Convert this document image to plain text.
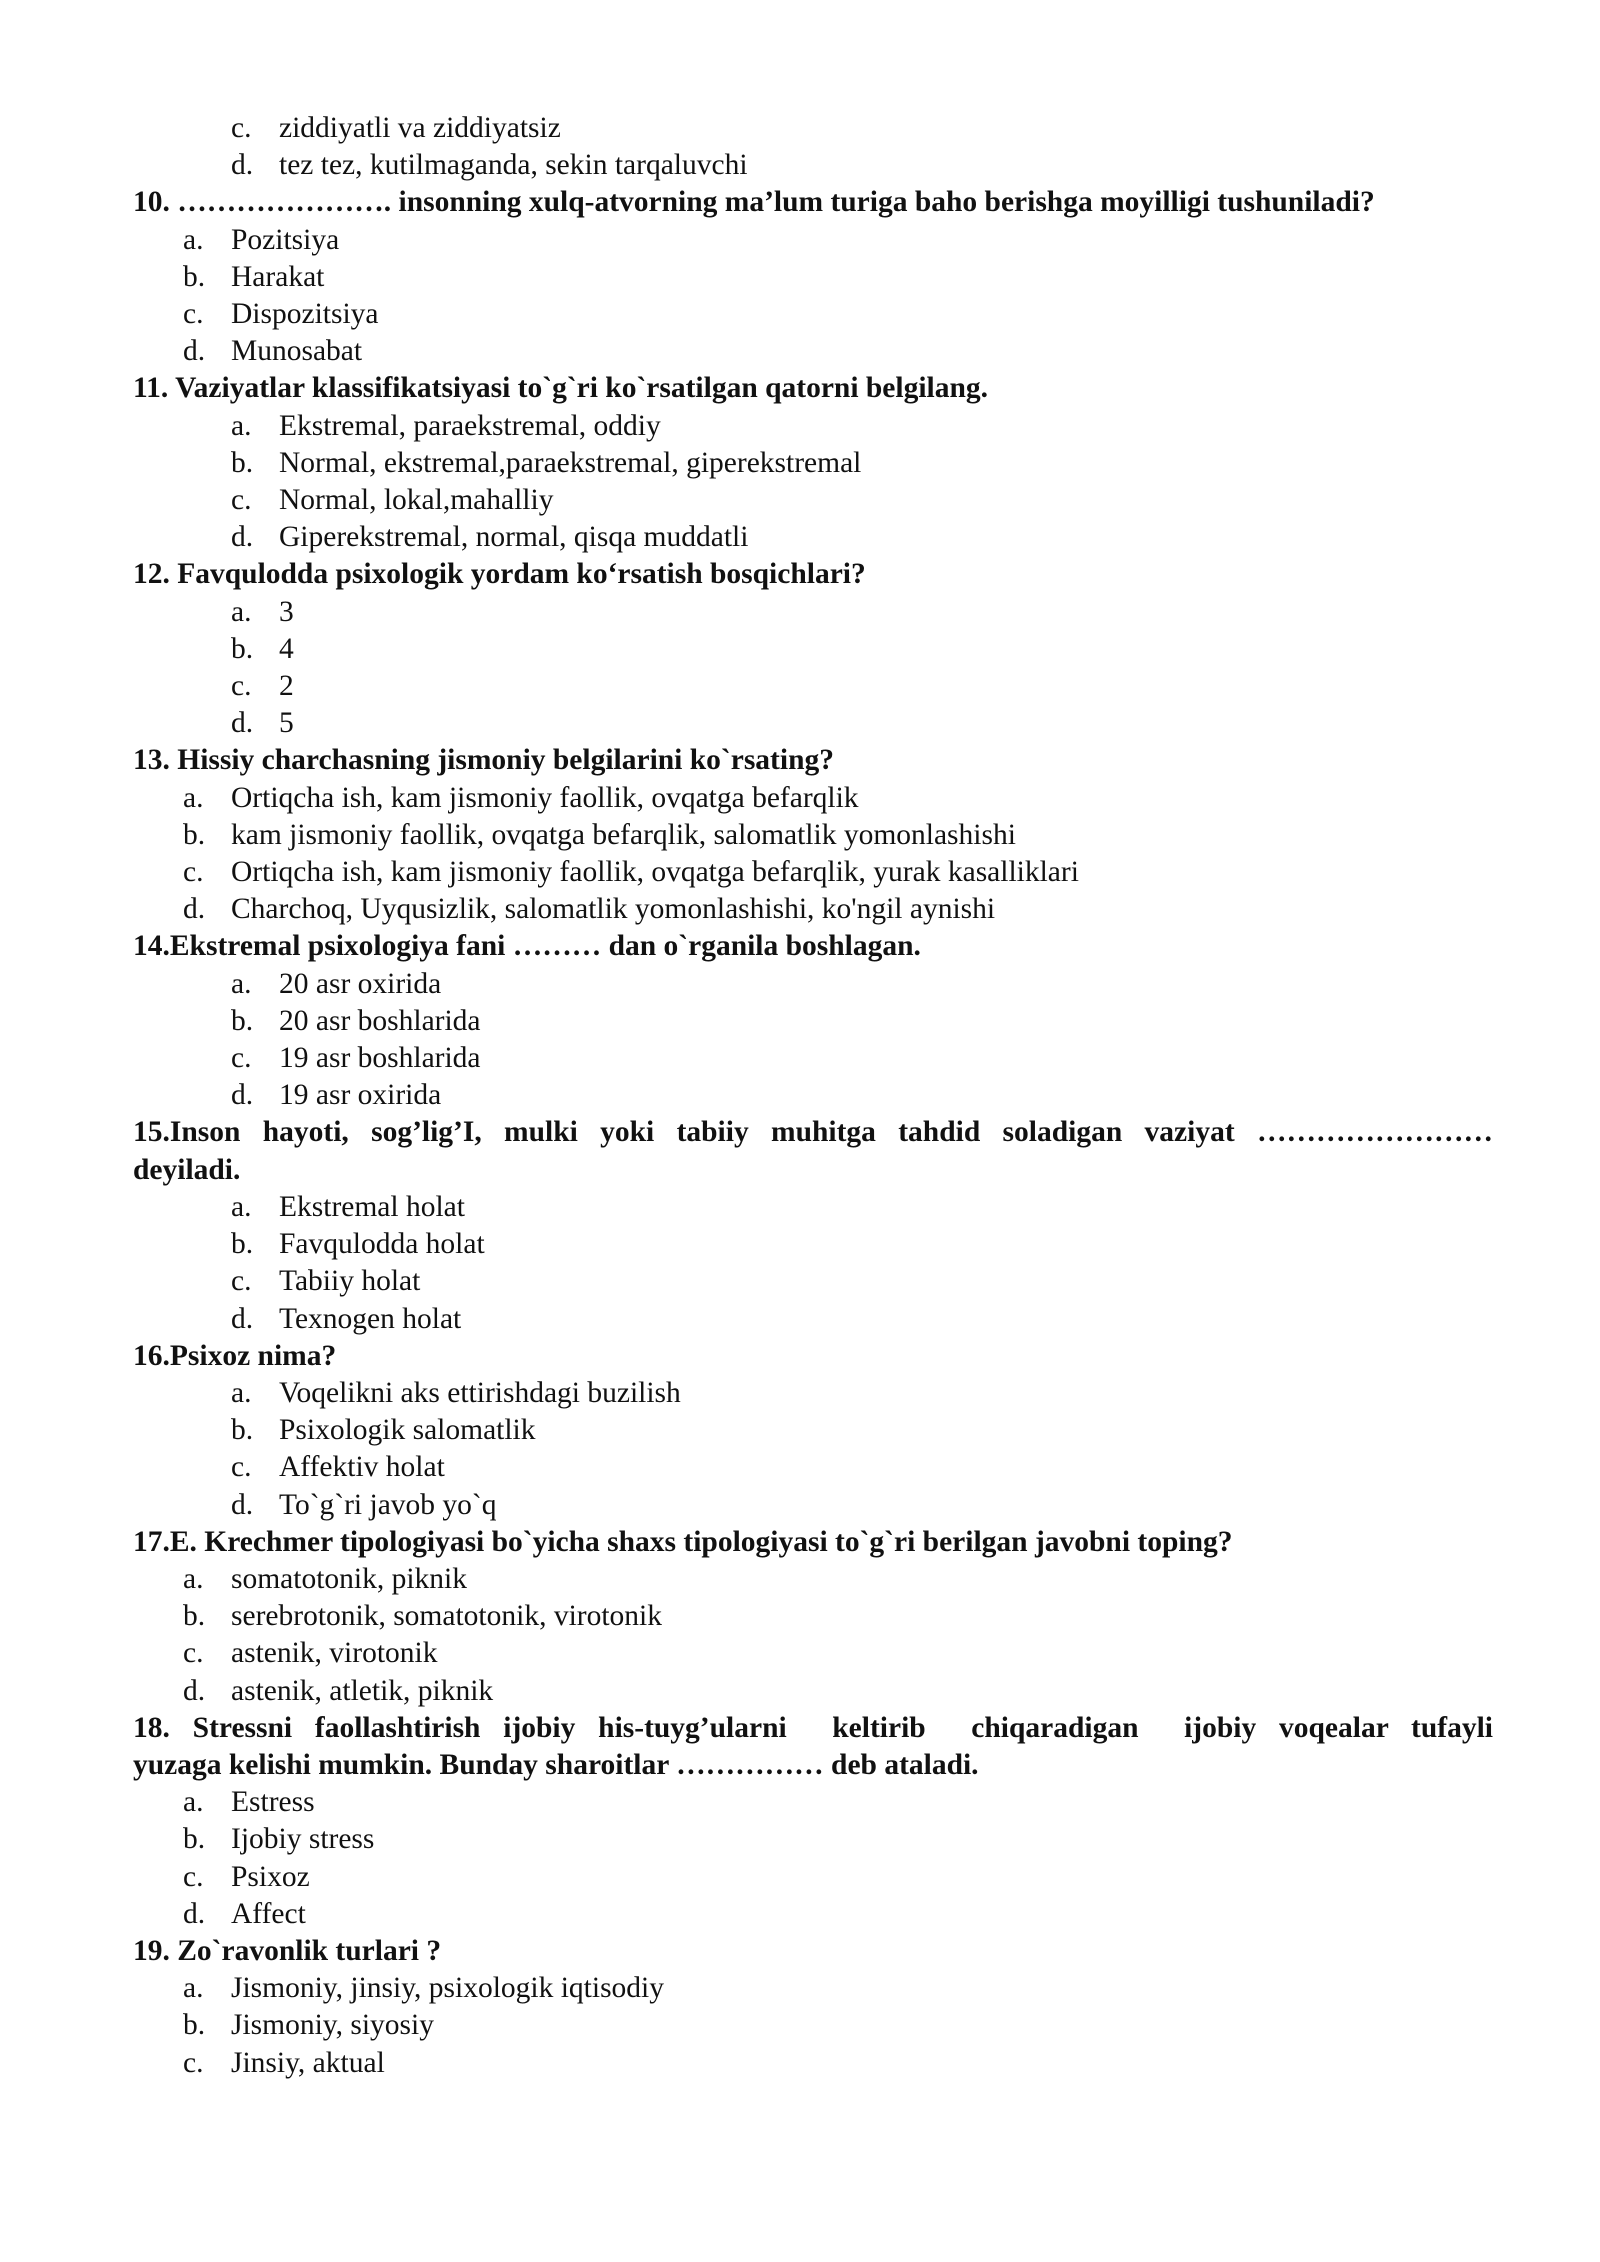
c. ziddiyatli va ziddiyatsiz
d. tez tez, kutilmaganda, sekin tarqaluvchi
10. …………………. insonning xulq-atvorning ma’lum turiga baho berishga moyilligi tushuniladi?
a. Pozitsiya
b. Harakat
c. Dispozitsiya
d. Munosabat
11. Vaziyatlar klassifikatsiyasi to`g`ri ko`rsatilgan qatorni belgilang.
a. Ekstremal, paraekstremal, oddiy
b. Normal, ekstremal,paraekstremal, giperekstremal
c. Normal, lokal,mahalliy
d. Giperekstremal, normal, qisqa muddatli
12. Favqulodda psixologik yordam ko‘rsatish bosqichlari?
a. 3
b. 4
c. 2
d. 5
13. Hissiy charchasning jismoniy belgilarini ko`rsating?
a. Ortiqcha ish, kam jismoniy faollik, ovqatga befarqlik
b. kam jismoniy faollik, ovqatga befarqlik, salomatlik yomonlashishi
c. Ortiqcha ish, kam jismoniy faollik, ovqatga befarqlik, yurak kasalliklari
d. Charchoq, Uyqusizlik, salomatlik yomonlashishi, ko'ngil aynishi
14.Ekstremal psixologiya fani ……… dan o`rganila boshlagan.
a. 20 asr oxirida
b. 20 asr boshlarida
c. 19 asr boshlarida
d. 19 asr oxirida
15.Inson hayoti, sog’lig’I, mulki yoki tabiiy muhitga tahdid soladigan vaziyat ……………………
deyiladi.
a. Ekstremal holat
b. Favqulodda holat
c. Tabiiy holat
d. Texnogen holat
16.Psixoz nima?
a. Voqelikni aks ettirishdagi buzilish
b. Psixologik salomatlik
c. Affektiv holat
d. To`g`ri javob yo`q
17.E. Krechmer tipologiyasi bo`yicha shaxs tipologiyasi to`g`ri berilgan javobni toping?
a. somatotonik, piknik
b. serebrotonik, somatotonik, virotonik
c. astenik, virotonik
d. astenik, atletik, piknik
18. Stressni faollashtirish ijobiy his-tuyg’ularni  keltirib  chiqaradigan  ijobiy voqealar tufayli
yuzaga kelishi mumkin. Bunday sharoitlar …………… deb ataladi.
a. Estress
b. Ijobiy stress
c. Psixoz
d. Affect
19. Zo`ravonlik turlari ?
a. Jismoniy, jinsiy, psixologik iqtisodiy
b. Jismoniy, siyosiy
c. Jinsiy, aktual
